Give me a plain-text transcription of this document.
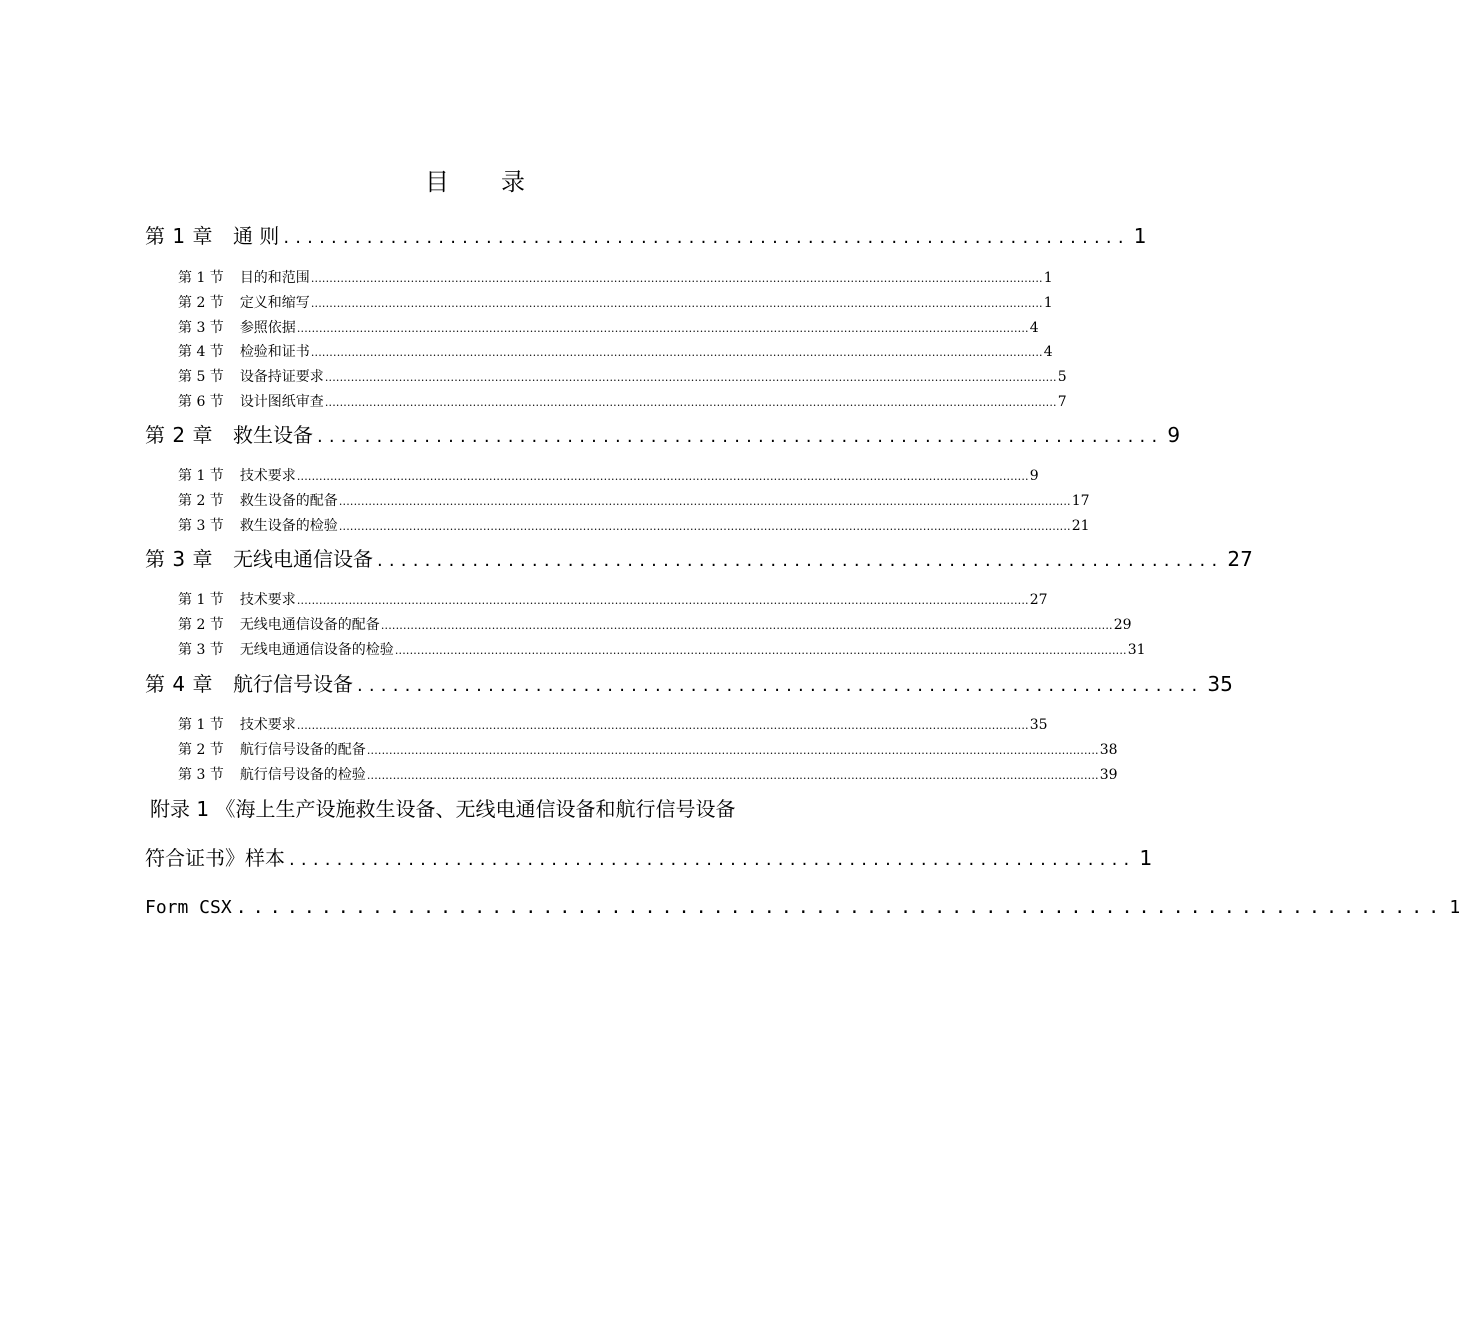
目录
第 1 章 通 则 ....................................................................... 1
第 1 节 目的和范围 ...................................................................................................................................................................................................... 1
第 2 节 定义和缩写 ...................................................................................................................................................................................................... 1
第 3 节 参照依据 ...................................................................................................................................................................................................... 4
第 4 节 检验和证书 ...................................................................................................................................................................................................... 4
第 5 节 设备持证要求 ...................................................................................................................................................................................................... 5
第 6 节 设计图纸审查 ...................................................................................................................................................................................................... 7
第 2 章 救生设备 ....................................................................... 9
第 1 节 技术要求 ...................................................................................................................................................................................................... 9
第 2 节 救生设备的配备 ...................................................................................................................................................................................................... 17
第 3 节 救生设备的检验 ...................................................................................................................................................................................................... 21
第 3 章 无线电通信设备 ....................................................................... 27
第 1 节 技术要求 ...................................................................................................................................................................................................... 27
第 2 节 无线电通信设备的配备 ...................................................................................................................................................................................................... 29
第 3 节 无线电通通信设备的检验 ...................................................................................................................................................................................................... 31
第 4 章 航行信号设备 ....................................................................... 35
第 1 节 技术要求 ...................................................................................................................................................................................................... 35
第 2 节 航行信号设备的配备 ...................................................................................................................................................................................................... 38
第 3 节 航行信号设备的检验 ...................................................................................................................................................................................................... 39
附录 1 《海上生产设施救生设备、无线电通信设备和航行信号设备
符合证书》样本 ....................................................................... 1
Form CSX ....................................................................... 1
